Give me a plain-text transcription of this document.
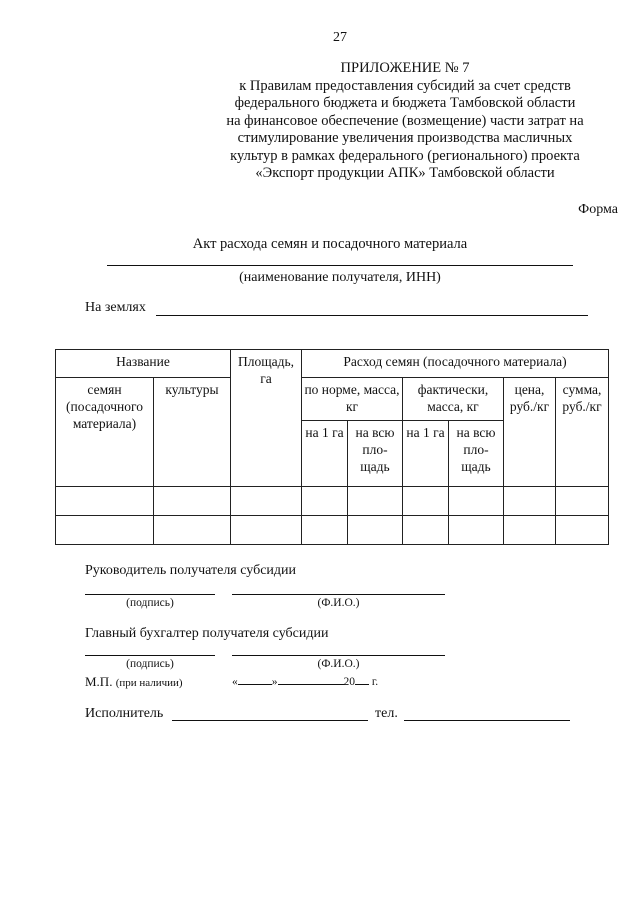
27
ПРИЛОЖЕНИЕ № 7
к Правилам предоставления субсидий за счет средств
федерального бюджета и бюджета Тамбовской области
на финансовое обеспечение (возмещение) части затрат на
стимулирование увеличения производства масличных
культур в рамках федерального (регионального) проекта
«Экспорт продукции АПК» Тамбовской области
Форма
Акт расхода семян и посадочного материала
(наименование получателя, ИНН)
На землях
Название		Площадь, га	Расход семян (посадочного материала)					
семян (посадочного материала)	культуры		по норме, масса, кг		фактически, масса, кг		цена, руб./кг	сумма, руб./кг
			на 1 га	на всю пло-щадь	на 1 га	на всю пло-щадь		

Руководитель получателя субсидии
(подпись)	(Ф.И.О.)
Главный бухгалтер получателя субсидии
(подпись)	(Ф.И.О.)
М.П. (при наличии)	«	»	20 г.
Исполнитель	тел.
